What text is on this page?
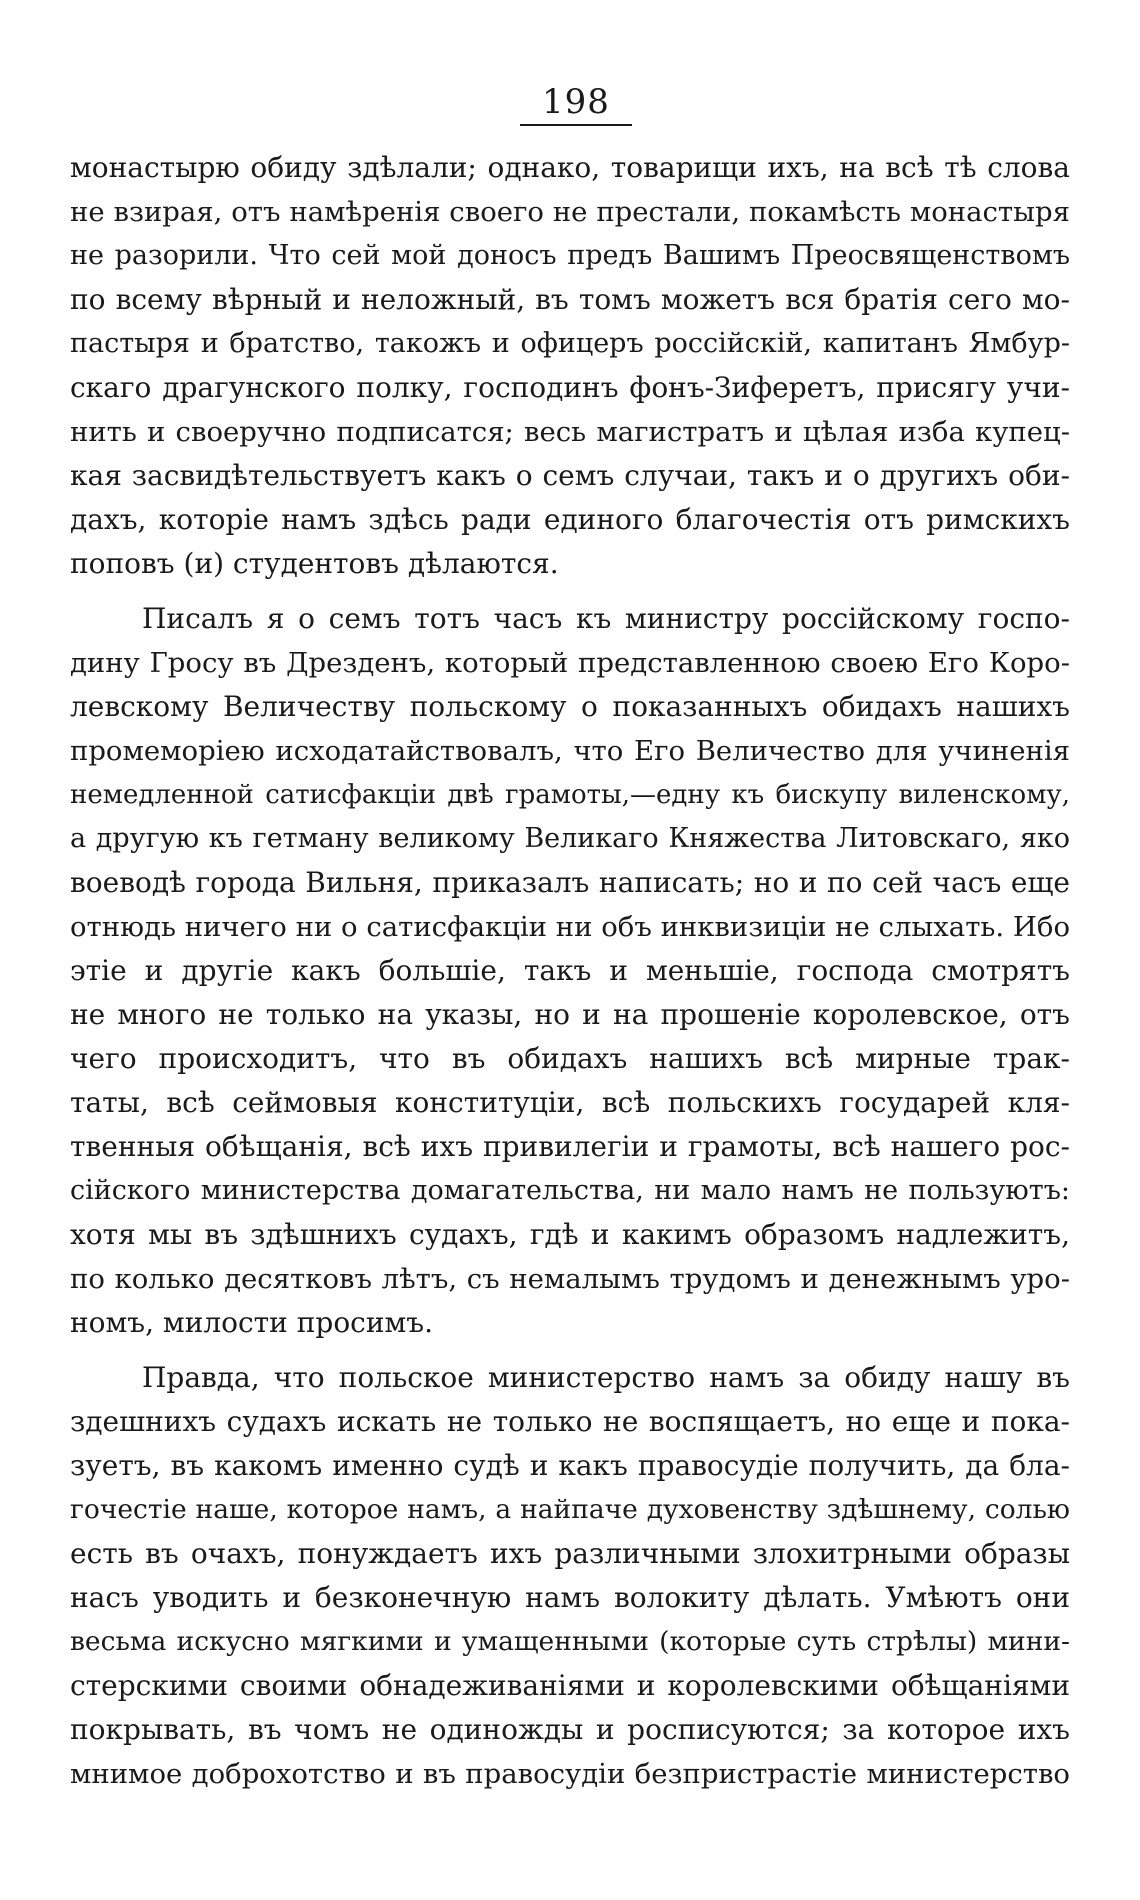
198
монастырю обиду здѣлали; однако, товарищи ихъ, на всѣ тѣ слова
не взирая, отъ намѣренія своего не престали, покамѣсть монастыря
не разорили. Что сей мой доносъ предъ Вашимъ Преосвященствомъ
по всему вѣрный и неложный, въ томъ можетъ вся братія сего мо-
пастыря и братство, такожъ и офицеръ россійскій, капитанъ Ямбур-
скаго драгунского полку, господинъ фонъ-Зиферетъ, присягу учи-
нить и своеручно подписатся; весь магистратъ и цѣлая изба купец-
кая засвидѣтельствуетъ какъ о семъ случаи, такъ и о другихъ оби-
дахъ, которіе намъ здѣсь ради единого благочестія отъ римскихъ
поповъ (и) студентовъ дѣлаются.
Писалъ я о семъ тотъ часъ къ министру россійскому госпо-
дину Гросу въ Дрезденъ, который представленною своею Его Коро-
левскому Величеству польскому о показанныхъ обидахъ нашихъ
промеморіею исходатайствовалъ, что Его Величество для учиненія
немедленной сатисфакціи двѣ грамоты,—едну къ бискупу виленскому,
а другую къ гетману великому Великаго Княжества Литовскаго, яко
воеводѣ города Вильня, приказалъ написать; но и по сей часъ еще
отнюдь ничего ни о сатисфакціи ни объ инквизиціи не слыхать. Ибо
этіе и другіе какъ большіе, такъ и меньшіе, господа смотрятъ
не много не только на указы, но и на прошеніе королевское, отъ
чего происходитъ, что въ обидахъ нашихъ всѣ мирные трак-
таты, всѣ сеймовыя конституціи, всѣ польскихъ государей кля-
твенныя обѣщанія, всѣ ихъ привилегіи и грамоты, всѣ нашего рос-
сійского министерства домагательства, ни мало намъ не пользуютъ:
хотя мы въ здѣшнихъ судахъ, гдѣ и какимъ образомъ надлежитъ,
по колько десятковъ лѣтъ, съ немалымъ трудомъ и денежнымъ уро-
номъ, милости просимъ.
Правда, что польское министерство намъ за обиду нашу въ
здешнихъ судахъ искать не только не воспящаетъ, но еще и пока-
зуетъ, въ какомъ именно судѣ и какъ правосудіе получить, да бла-
гочестіе наше, которое намъ, а найпаче духовенству здѣшнему, солью
есть въ очахъ, понуждаетъ ихъ различными злохитрными образы
насъ уводить и безконечную намъ волокиту дѣлать. Умѣютъ они
весьма искусно мягкими и умащенными (которые суть стрѣлы) мини-
стерскими своими обнадеживаніями и королевскими обѣщаніями
покрывать, въ чомъ не одиножды и росписуются; за которое ихъ
мнимое доброхотство и въ правосудіи безпристрастіе министерство
